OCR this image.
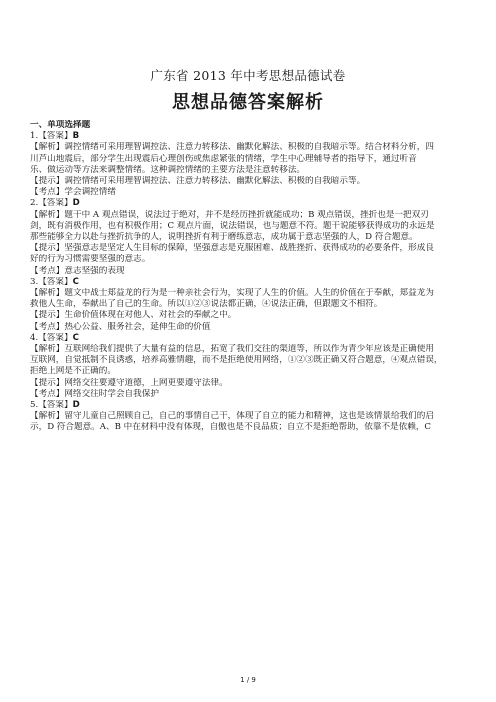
广东省 2013 年中考思想品德试卷
思想品德答案解析
一、单项选择题
1.【答案】B
【解析】调控情绪可采用理智调控法、注意力转移法、幽默化解法、积极的自我暗示等。结合材料分析，四
川芦山地震后，部分学生出现震后心理创伤或焦虑紧张的情绪，学生中心理辅导者的指导下，通过听音
乐、做运动等方法来调整情绪。这种调控情绪的主要方法是注意转移法。
【提示】调控情绪可采用理智调控法、注意力转移法、幽默化解法、积极的自我暗示等。
【考点】学会调控情绪
2.【答案】D
【解析】题干中 A 观点错误，说法过于绝对，并不是经历挫折就能成功；B 观点错误，挫折也是一把双刃
剑，既有消极作用，也有积极作用；C 观点片面，说法错误，也与题意不符。题干说能够获得成功的永远是
那些能够全力以赴与挫折抗争的人，说明挫折有利于磨练意志，成功属于意志坚强的人，D 符合题意。
【提示】坚强意志是坚定人生目标的保障，坚强意志是克服困难、战胜挫折、获得成功的必要条件，形成良
好的行为习惯需要坚强的意志。
【考点】意志坚强的表现
3.【答案】C
【解析】题文中战士郑益龙的行为是一种亲社会行为，实现了人生的价值。人生的价值在于奉献，郑益龙为
救他人生命，奉献出了自己的生命。所以①②③说法都正确，④说法正确，但跟题文不相符。
【提示】生命价值体现在对他人、对社会的奉献之中。
【考点】热心公益、服务社会，延伸生命的价值
4.【答案】C
【解析】互联网给我们提供了大量有益的信息，拓宽了我们交往的渠道等，所以作为青少年应该是正确使用
互联网，自觉抵制不良诱惑，培养高雅情趣，而不是拒绝使用网络，①②③既正确又符合题意，④观点错误，
拒绝上网是不正确的。
【提示】网络交往要遵守道德，上网更要遵守法律。
【考点】网络交往时学会自我保护
5.【答案】D
【解析】留守儿童自己照顾自己，自己的事情自己干，体现了自立的能力和精神，这也是该情景给我们的启
示，D 符合题意。A、B 中在材料中没有体现，自傲也是不良品质；自立不是拒绝帮助，依靠不是依赖，C
1 / 9
